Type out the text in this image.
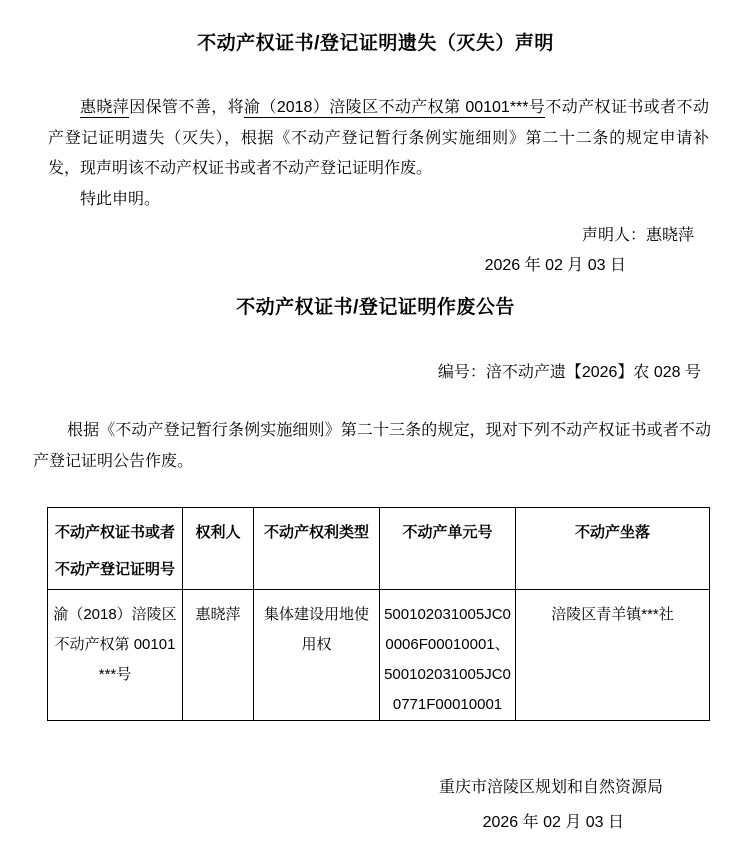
不动产权证书/登记证明遗失（灭失）声明

惠晓萍因保管不善，将渝（2018）涪陵区不动产权第 00101***号不动产权证书或者不动产登记证明遗失（灭失），根据《不动产登记暂行条例实施细则》第二十二条的规定申请补发，现声明该不动产权证书或者不动产登记证明作废。

特此申明。

声明人：惠晓萍
2026 年 02 月 03 日
不动产权证书/登记证明作废公告
编号：涪不动产遗【2026】农 028 号

根据《不动产登记暂行条例实施细则》第二十三条的规定，现对下列不动产权证书或者不动产登记证明公告作废。

不动产权证书或者
不动产登记证明号	权利人	不动产权利类型	不动产单元号	不动产坐落
渝（2018）涪陵区不动产权第 00101***号	惠晓萍	集体建设用地使用权	500102031005JC00006F00010001、500102031005JC00771F00010001	涪陵区青羊镇***社
重庆市涪陵区规划和自然资源局
2026 年 02 月 03 日
